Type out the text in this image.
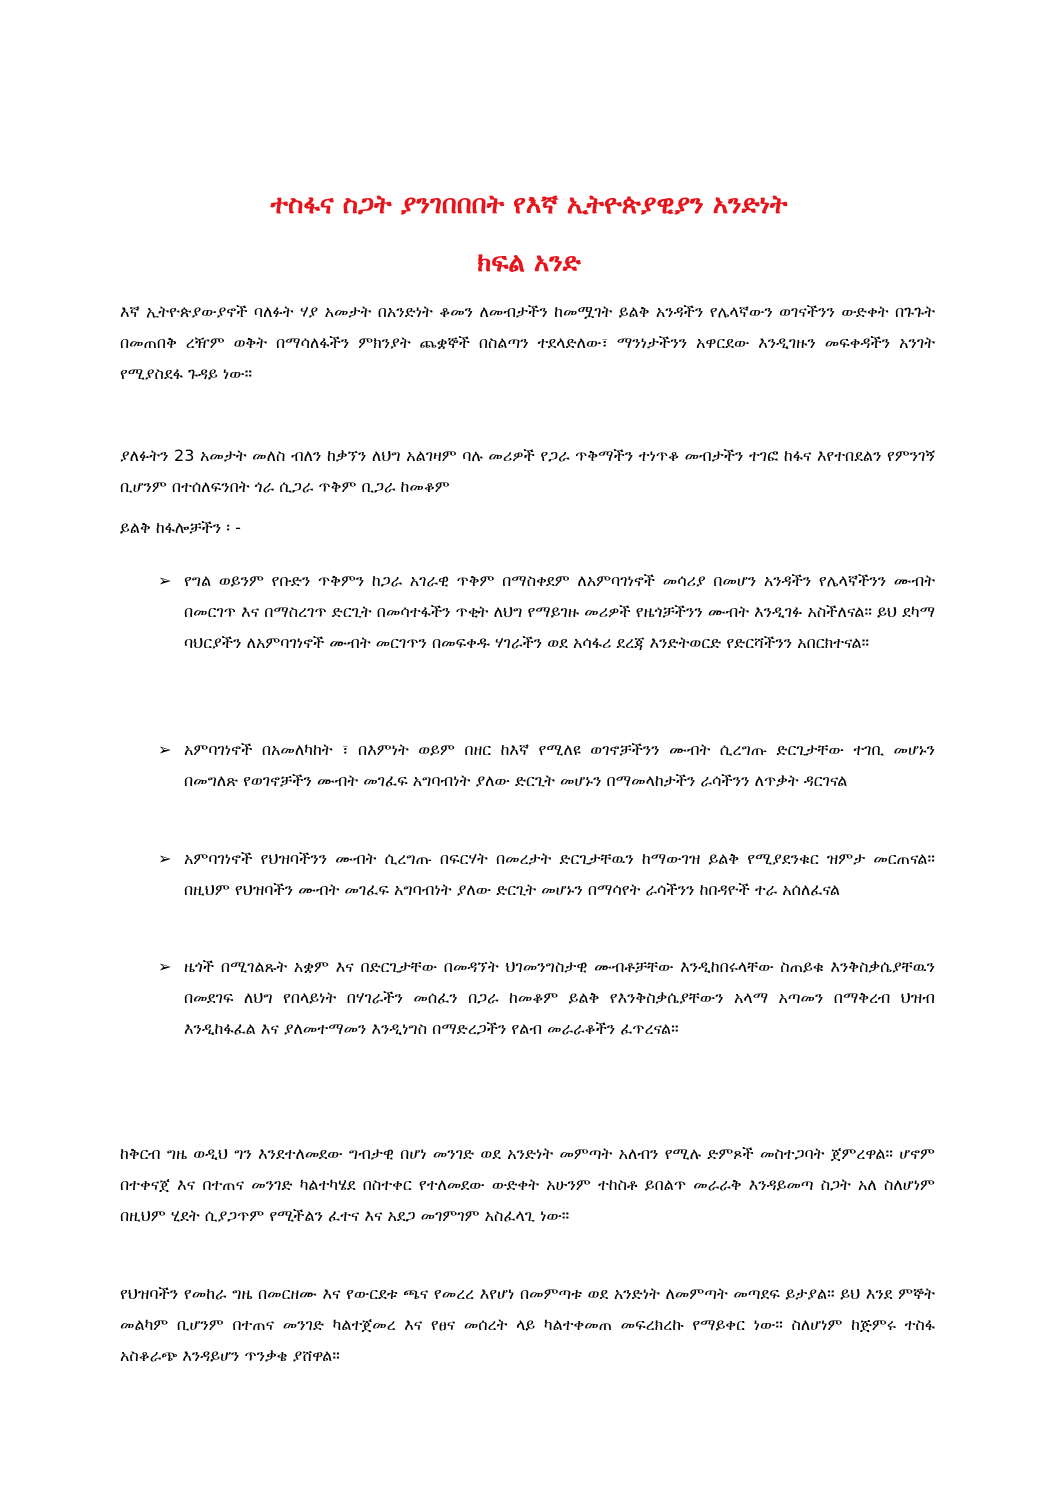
ተስፋና ስጋት ያንገበበበት የእኛ ኢትዮጵያዊያን አንድነት
ክፍል አንድ

እኛ ኢትዮጵያውያኖች ባለፉት ሃያ አመታት በአንድነት ቆመን ለመብታችን ከመሟገት ይልቅ አንዳችን የሌላኛውን ወገናችንን ውድቀት በጉጉት በመጠበቅ ረዥም ወቅት በማሳለፋችን ምክንያት ጨቋኞች በስልጣን ተደላድለው፣ ማንነታችንን አዋርደው እንዲገዙን መፍቀዳችን አንገት የሚያስደፋ ጉዳይ ነው።

ያለፉትን 23 አመታት መለስ ብለን ከቃኘን ለህግ አልገዛም ባሉ መሪዎች የጋራ ጥቅማችን ተነጥቆ መብታችን ተገፎ ከፋና እየተበደልን የምንገኝ ቢሆንም በተሰለፍንበት ጎራ ሲጋራ ጥቅም ቢጋራ ከመቆም

ይልቅ ከፋሎቻችን ፡ -

➢ የግል ወይንም የቡድን ጥቅምን ከጋራ አገራዊ ጥቅም በማስቀደም ለአምባገነኖች መሳሪያ በመሆን አንዳችን የሌላኛችንን ሙብት በመርገጥ እና በማስረገጥ ድርጊት በመሳተፋችን ጥቂት ለህግ የማይገዙ መሪዎች የዜጎቻችንን ሙብት እንዲገፉ አስችለናል። ይህ ደካማ ባህርያችን ለአምባገነኖች ሙብት መርገጥን በመፍቀዱ ሃገራችን ወደ አሳፋሪ ደረጃ እንድትወርድ የድርሻችንን አበርክተናል።
➢ አምባገነኖች በአመለካከት ፣ በእምነት ወይም በዘር ከእኛ የሚለዩ ወገኖቻችንን ሙብት ሲረግጡ ድርጊታቸው ተገቢ መሆኑን በመግለጽ የወገኖቻችን ሙብት መገፈፍ አግባብነት ያለው ድርጊት መሆኑን በማመላከታችን ራሳችንን ለጥቃት ዳርገናል
➢ አምባገነኖች የህዝባችንን ሙብት ሲረግጡ በፍርሃት በመረታት ድርጊታቸዉን ከማውገዝ ይልቅ የሚያደንቁር ዝምታ መርጠናል። በዚህም የህዝባችን ሙብት መገፈፍ አግባብነት ያለው ድርጊት መሆኑን በማሳየት ራሳችንን ከበዳዮች ተራ አሰለፈናል
➢ ዜጎች በሚገልጹት አቋም እና በድርጊታቸው በመዳኘት ህገመንግስታዊ ሙብቶቻቸው እንዲከበሩላቸው ስጠይቁ እንቅስቃሴያቸዉን በመደገፍ ለህግ የበላይነት በሃገራችን መሰፈን በጋራ ከመቆም ይልቅ የእንቅስቃሴያቸውን አላማ አጣመን በማቅረብ ህዝብ እንዲከፋፈል እና ያለመተማመን እንዲነግስ በማድረጋችን የልብ መራራቆችን ፈጥረናል።

ከቅርብ ግዜ ወዲህ ግን እንደተለመደው ግብታዊ በሆነ መንገድ ወደ አንድነት መምጣት አለብን የሚሉ ድምጾች መስተጋባት ጀምረዋል። ሆኖም በተቀናጀ እና በተጠና መንገድ ካልተካሄደ በስተቀር የተለመደው ውድቀት አሁንም ተከስቶ ይበልጥ መራራቅ እንዳይመጣ ስጋት አለ ስለሆነም በዚህም ሂደት ሲያጋጥም የሚችልን ፈተና እና አደጋ መገምገም አስፈላጊ ነው።

የህዝባችን የመከራ ግዜ በመርዘሙ እና የውርደቱ ጫና የመረረ እየሆነ በመምጣቱ ወደ አንድነት ለመምጣት መጣደፍ ይታያል። ይህ እንደ ምኞት መልካም ቢሆንም በተጠና መንገድ ካልተጀመረ እና የፀና መሰረት ላይ ካልተቀመጠ መፍረክረኩ የማይቀር ነው። ስለሆነም ከጅምሩ ተስፋ አስቆራጭ እንዳይሆን ጥንቃቄ ያሸዋል።
